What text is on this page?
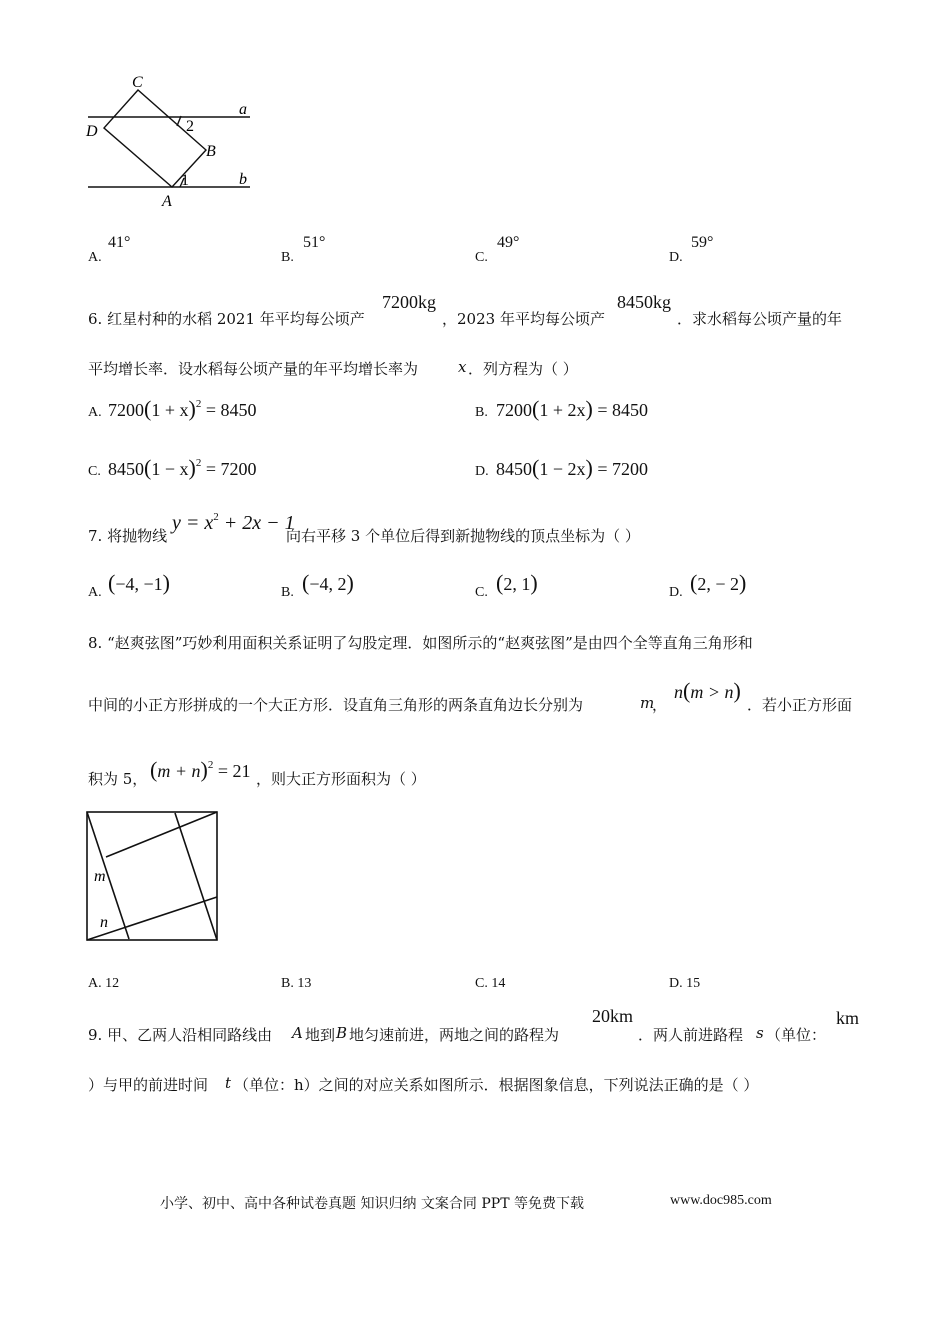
C
D
a
2
B
1	b
A
A.
41°
B.
51°
C.
49°
D.
59°
6. 红星村种的水稻 2021 年平均每公顷产
7200kg
，2023 年平均每公顷产
8450kg
．求水稻每公顷产量的年
平均增长率．设水稻每公顷产量的年平均增长率为	x ．列方程为（ ）
A. $7200(1 + x)^2 = 8450$	B. 7200(1 + 2x) = 8450
C. $8450(1 - x)^2 = 7200$	D. 8450(1 − 2x) = 7200
7. 将抛物线
$y = x^2 + 2x - 1$
向右平移 3 个单位后得到新抛物线的顶点坐标为（ ）
A. (−4, −1)	B. (−4, 2)	C. (2, 1)	D. (2, − 2)
8. “赵爽弦图”巧妙利用面积关系证明了勾股定理．如图所示的“赵爽弦图”是由四个全等直角三角形和
中间的小正方形拼成的一个大正方形．设直角三角形的两条直角边长分别为	m
，
n(m > n)
．若小正方形面
积为 5， $(m + n)^2 = 21$ ，则大正方形面积为（ ）
m
n
A. 12	B. 13	C. 14	D. 15
9. 甲、乙两人沿相同路线由 A 地到 B 地匀速前进，两地之间的路程为
20km
．两人前进路程 s （单位：
km
）与甲的前进时间 t （单位：h）之间的对应关系如图所示．根据图象信息，下列说法正确的是（ ）
小学、初中、高中各种试卷真题 知识归纳 文案合同 PPT 等免费下载	www.doc985.com
